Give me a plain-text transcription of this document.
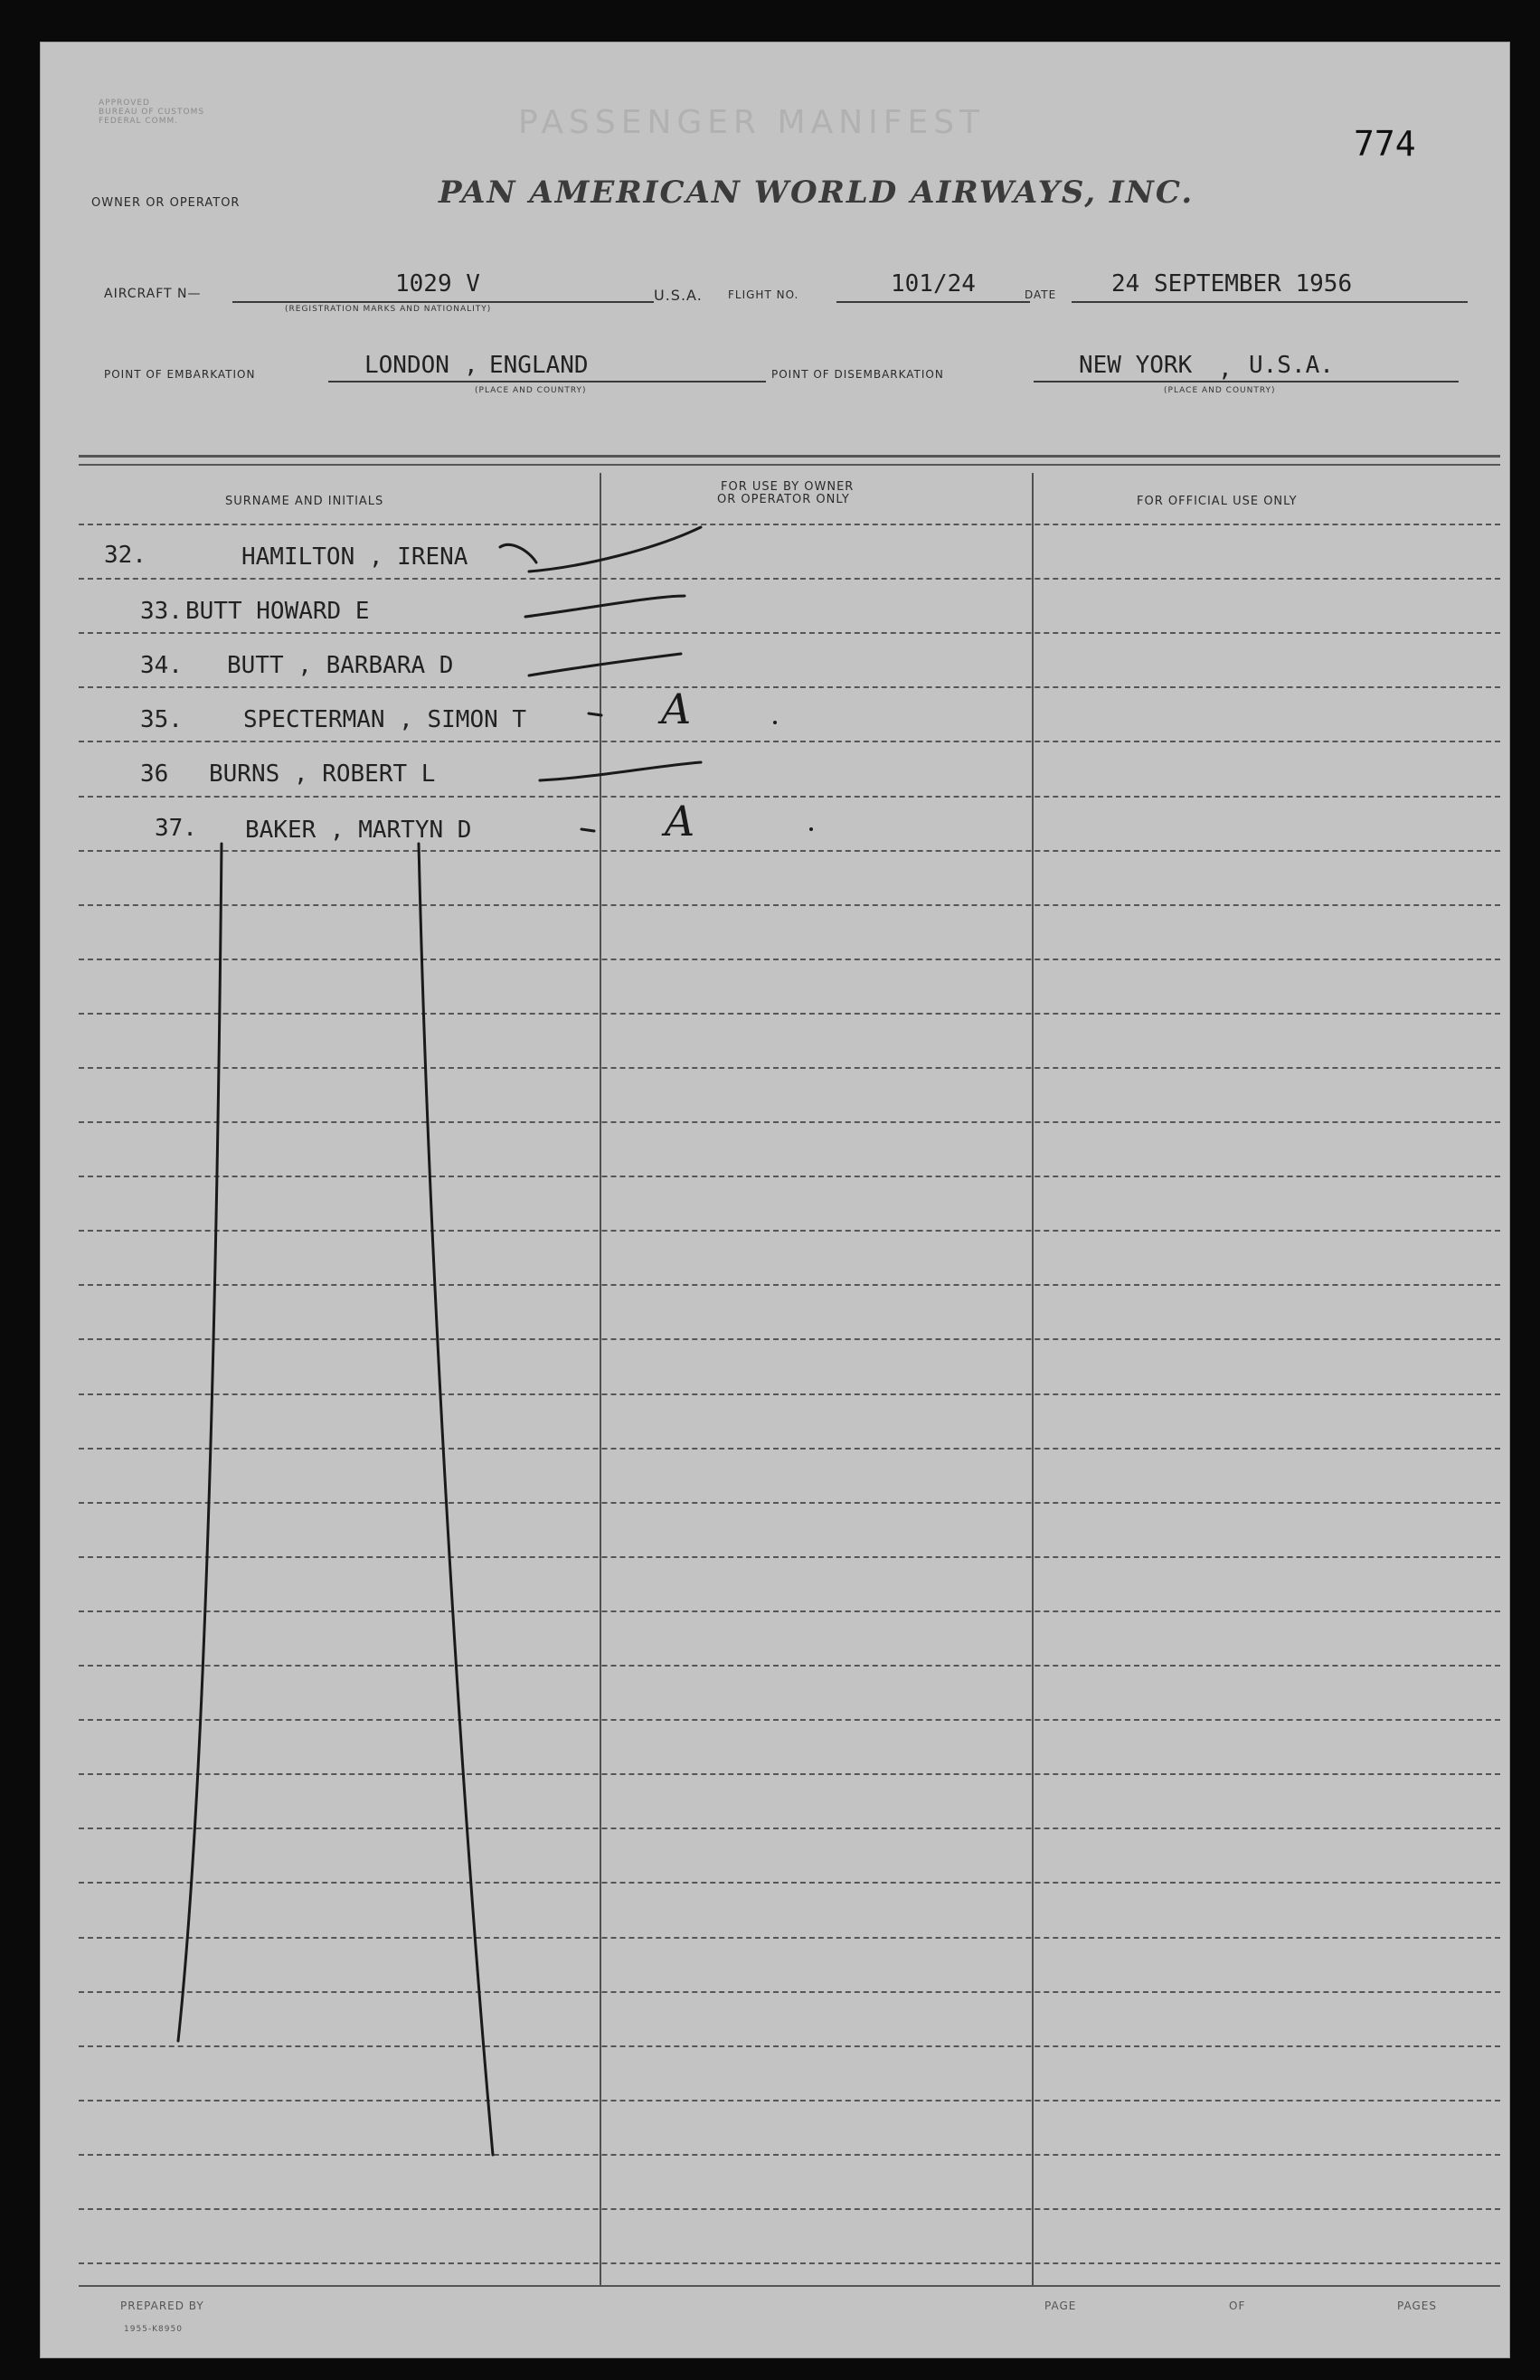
APPROVED
BUREAU OF CUSTOMS
FEDERAL COMM.	PASSENGER MANIFEST
774
OWNER OR OPERATOR	PAN AMERICAN WORLD AIRWAYS, INC.
AIRCRAFT N—	1029 V
(REGISTRATION MARKS AND NATIONALITY)
U.S.A. FLIGHT NO.	101/24	DATE 24 SEPTEMBER 1956
POINT OF EMBARKATION	LONDON , ENGLAND
(PLACE AND COUNTRY)
POINT OF DISEMBARKATION	NEW YORK , U.S.A.
(PLACE AND COUNTRY)
SURNAME AND INITIALS
FOR USE BY OWNER
OR OPERATOR ONLY	FOR OFFICIAL USE ONLY
32.	HAMILTON , IRENA
33. BUTT HOWARD E
34. BUTT , BARBARA D
35.	SPECTERMAN , SIMON T	A
36 BURNS , ROBERT L
37. BAKER , MARTYN D	A
PREPARED BY
1955-K8950
PAGE	OF	PAGES
